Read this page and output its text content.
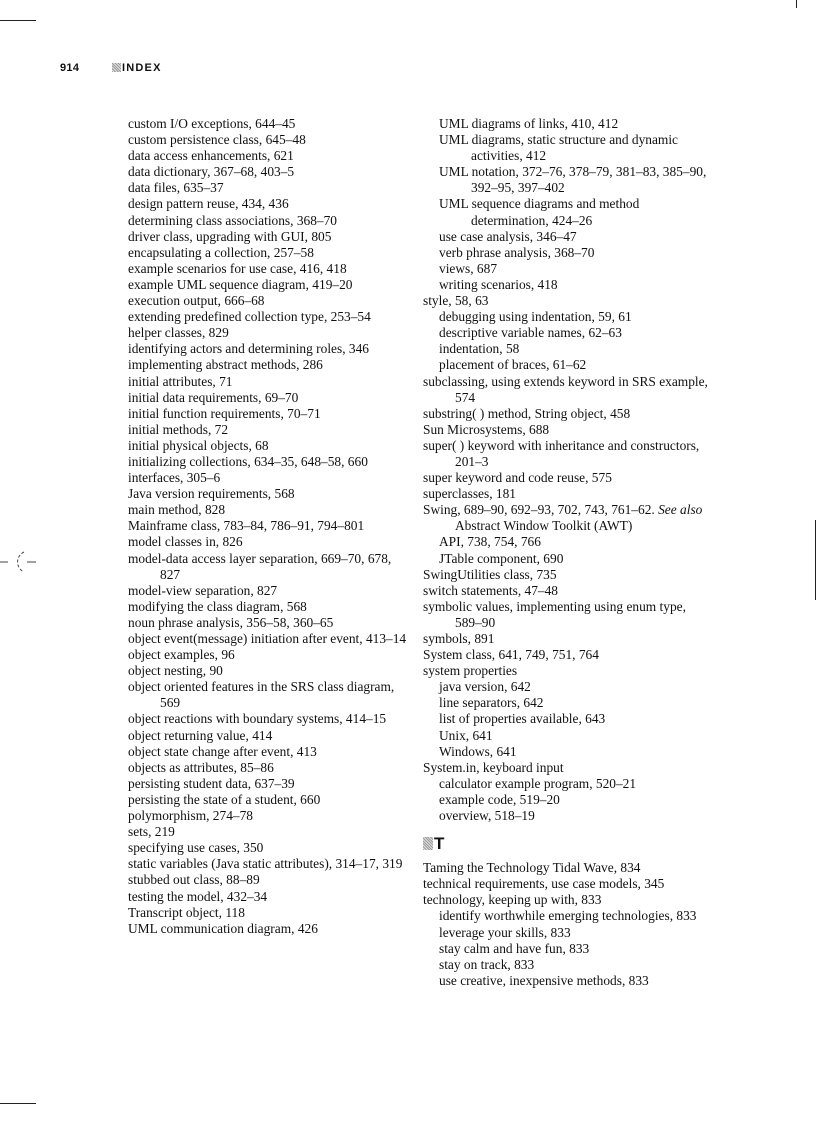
914	INDEX
custom I/O exceptions, 644–45
custom persistence class, 645–48
data access enhancements, 621
data dictionary, 367–68, 403–5
data files, 635–37
design pattern reuse, 434, 436
determining class associations, 368–70
driver class, upgrading with GUI, 805
encapsulating a collection, 257–58
example scenarios for use case, 416, 418
example UML sequence diagram, 419–20
execution output, 666–68
extending predefined collection type, 253–54
helper classes, 829
identifying actors and determining roles, 346
implementing abstract methods, 286
initial attributes, 71
initial data requirements, 69–70
initial function requirements, 70–71
initial methods, 72
initial physical objects, 68
initializing collections, 634–35, 648–58, 660
interfaces, 305–6
Java version requirements, 568
main method, 828
Mainframe class, 783–84, 786–91, 794–801
model classes in, 826
model-data access layer separation, 669–70, 678, 827
model-view separation, 827
modifying the class diagram, 568
noun phrase analysis, 356–58, 360–65
object event(message) initiation after event, 413–14
object examples, 96
object nesting, 90
object oriented features in the SRS class diagram, 569
object reactions with boundary systems, 414–15
object returning value, 414
object state change after event, 413
objects as attributes, 85–86
persisting student data, 637–39
persisting the state of a student, 660
polymorphism, 274–78
sets, 219
specifying use cases, 350
static variables (Java static attributes), 314–17, 319
stubbed out class, 88–89
testing the model, 432–34
Transcript object, 118
UML communication diagram, 426
UML diagrams of links, 410, 412
UML diagrams, static structure and dynamic activities, 412
UML notation, 372–76, 378–79, 381–83, 385–90, 392–95, 397–402
UML sequence diagrams and method determination, 424–26
use case analysis, 346–47
verb phrase analysis, 368–70
views, 687
writing scenarios, 418
style, 58, 63
debugging using indentation, 59, 61
descriptive variable names, 62–63
indentation, 58
placement of braces, 61–62
subclassing, using extends keyword in SRS example, 574
substring( ) method, String object, 458
Sun Microsystems, 688
super( ) keyword with inheritance and constructors, 201–3
super keyword and code reuse, 575
superclasses, 181
Swing, 689–90, 692–93, 702, 743, 761–62. See also Abstract Window Toolkit (AWT)
API, 738, 754, 766
JTable component, 690
SwingUtilities class, 735
switch statements, 47–48
symbolic values, implementing using enum type, 589–90
symbols, 891
System class, 641, 749, 751, 764
system properties
java version, 642
line separators, 642
list of properties available, 643
Unix, 641
Windows, 641
System.in, keyboard input
calculator example program, 520–21
example code, 519–20
overview, 518–19
T
Taming the Technology Tidal Wave, 834
technical requirements, use case models, 345
technology, keeping up with, 833
identify worthwhile emerging technologies, 833
leverage your skills, 833
stay calm and have fun, 833
stay on track, 833
use creative, inexpensive methods, 833
